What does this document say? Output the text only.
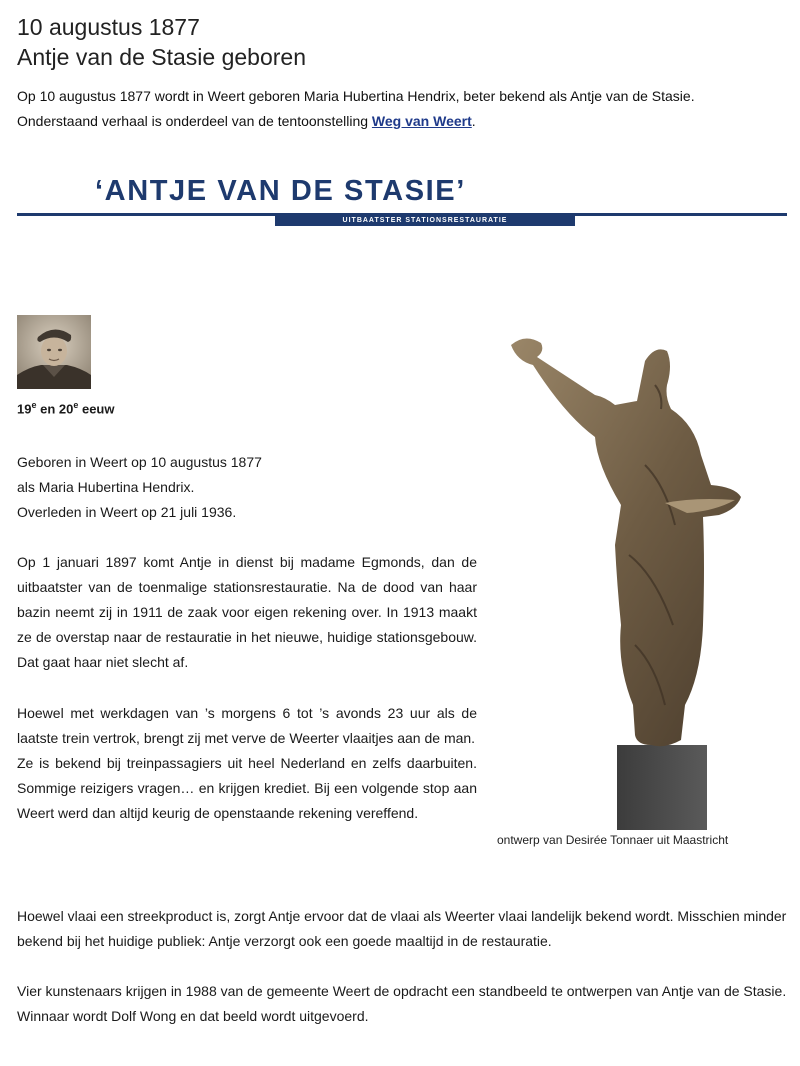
10 augustus 1877
Antje van de Stasie geboren
Op 10 augustus 1877 wordt in Weert geboren Maria Hubertina Hendrix, beter bekend als Antje van de Stasie.
Onderstaand verhaal is onderdeel van de tentoonstelling Weg van Weert.
‘ANTJE VAN DE STASIE’
UITBAATSTER STATIONSRESTAURATIE
19e en 20e eeuw

Geboren in Weert op 10 augustus 1877

als Maria Hubertina Hendrix.

Overleden in Weert op 21 juli 1936.

Op 1 januari 1897 komt Antje in dienst bij madame Egmonds, dan de uitbaatster van de toenmalige stationsrestauratie. Na de dood van haar bazin neemt zij in 1911 de zaak voor eigen rekening over. In 1913 maakt ze de overstap naar de restauratie in het nieuwe, huidige stationsgebouw. Dat gaat haar niet slecht af.

Hoewel met werkdagen van ’s morgens 6 tot ’s avonds 23 uur als de laatste trein vertrok, brengt zij met verve de Weerter vlaaitjes aan de man.

Ze is bekend bij treinpassagiers uit heel Nederland en zelfs daarbuiten. Sommige reizigers vragen… en krijgen krediet. Bij een volgende stop aan Weert werd dan altijd keurig de openstaande rekening vereffend.

ontwerp van Desirée Tonnaer uit Maastricht

Hoewel vlaai een streekproduct is, zorgt Antje ervoor dat de vlaai als Weerter vlaai landelijk bekend wordt. Misschien minder bekend bij het huidige publiek: Antje verzorgt ook een goede maaltijd in de restauratie.

Vier kunstenaars krijgen in 1988 van de gemeente Weert de opdracht een standbeeld te ontwerpen van Antje van de Stasie.

Winnaar wordt Dolf Wong en dat beeld wordt uitgevoerd.
